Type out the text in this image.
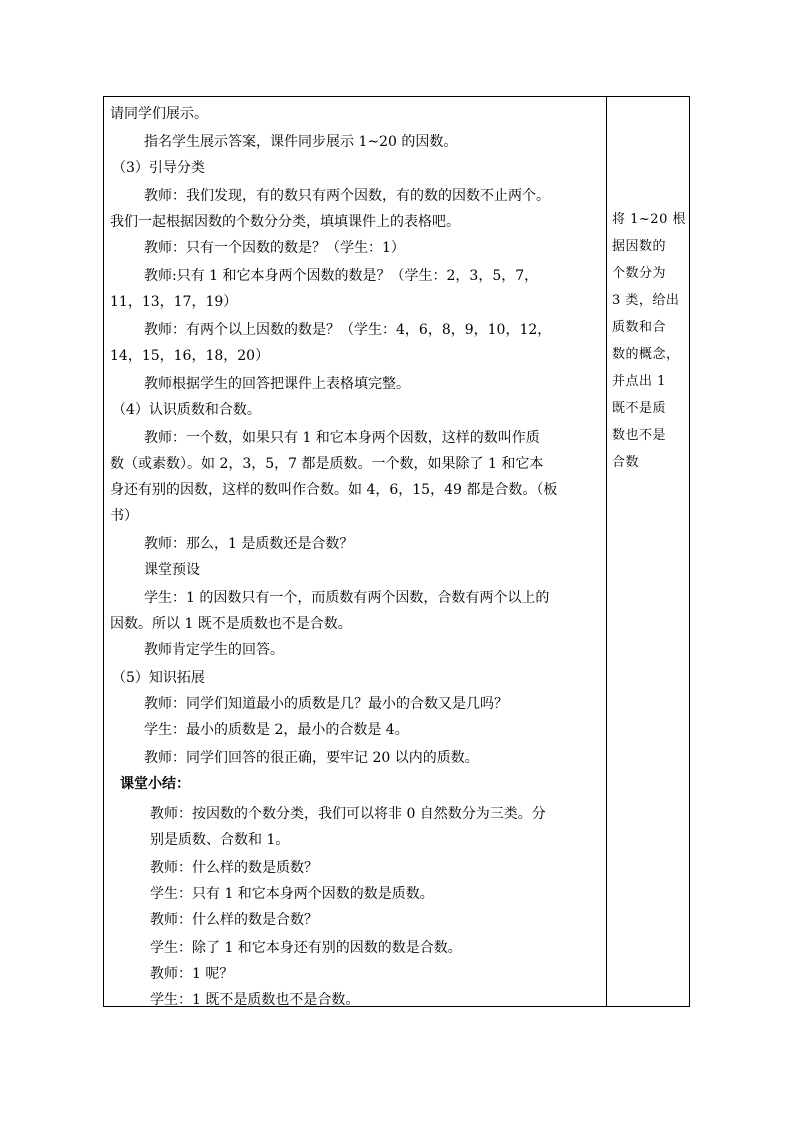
请同学们展示。
指名学生展示答案，课件同步展示 1~20 的因数。
（3）引导分类
教师：我们发现，有的数只有两个因数，有的数的因数不止两个。
我们一起根据因数的个数分分类，填填课件上的表格吧。
教师：只有一个因数的数是？（学生：1）
教师:只有 1 和它本身两个因数的数是？（学生：2，3，5，7，
11，13，17，19）
教师：有两个以上因数的数是？（学生：4，6，8，9，10，12，
14，15，16，18，20）
教师根据学生的回答把课件上表格填完整。
（4）认识质数和合数。
教师：一个数，如果只有 1 和它本身两个因数，这样的数叫作质
数（或素数）。如 2，3，5，7 都是质数。一个数，如果除了 1 和它本
身还有别的因数，这样的数叫作合数。如 4，6，15，49 都是合数。（板
书）
教师：那么，1 是质数还是合数？
课堂预设
学生：1 的因数只有一个，而质数有两个因数，合数有两个以上的
因数。所以 1 既不是质数也不是合数。
教师肯定学生的回答。
（5）知识拓展
教师：同学们知道最小的质数是几？最小的合数又是几吗？
学生：最小的质数是 2，最小的合数是 4。
教师：同学们回答的很正确，要牢记 20 以内的质数。
课堂小结：
教师：按因数的个数分类，我们可以将非 0 自然数分为三类。分
别是质数、合数和 1。
教师：什么样的数是质数？
学生：只有 1 和它本身两个因数的数是质数。
教师：什么样的数是合数？
学生：除了 1 和它本身还有别的因数的数是合数。
教师：1 呢？
学生：1 既不是质数也不是合数。
将 1~20 根
据因数的
个数分为
3 类，给出
质数和合
数的概念，
并点出 1
既不是质
数也不是
合数
